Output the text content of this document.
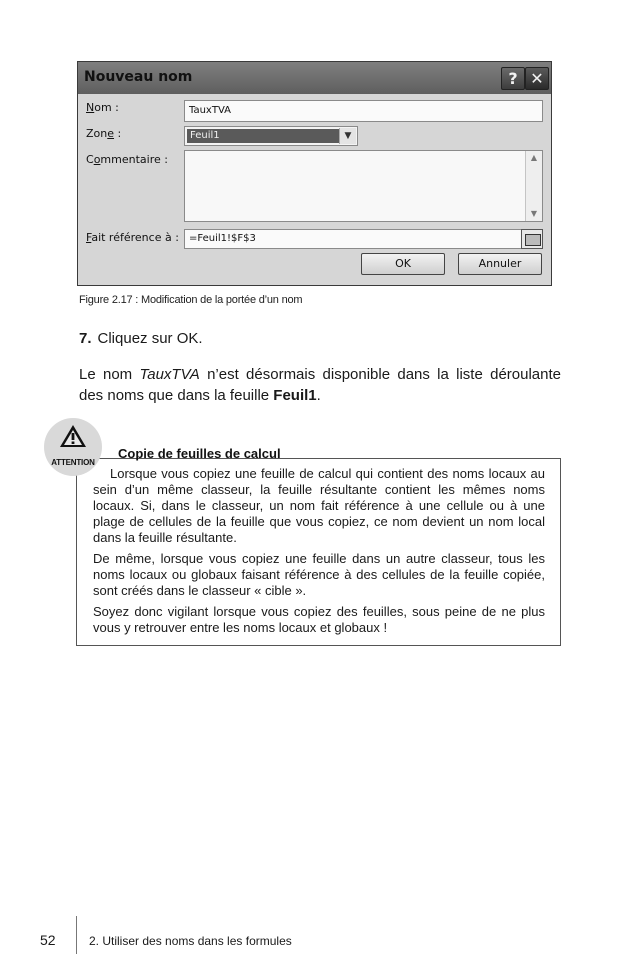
Nouveau nom	? ✕
Nom :	TauxTVA
Zone :	Feuil1	▼
Commentaire :	▲
▼
Fait référence à :	=Feuil1!$F$3
OK	Annuler
Figure 2.17 : Modification de la portée d’un nom
7. Cliquez sur OK.
Le nom TauxTVA n’est désormais disponible dans la liste déroulante des noms que dans la feuille Feuil1.
ATTENTION
Copie de feuilles de calcul

Lorsque vous copiez une feuille de calcul qui contient des noms locaux au sein d’un même classeur, la feuille résultante contient les mêmes noms locaux. Si, dans le classeur, un nom fait référence à une cellule ou à une plage de cellules de la feuille que vous copiez, ce nom devient un nom local dans la feuille résultante.

De même, lorsque vous copiez une feuille dans un autre classeur, tous les noms locaux ou globaux faisant référence à des cellules de la feuille copiée, sont créés dans le classeur « cible ».

Soyez donc vigilant lorsque vous copiez des feuilles, sous peine de ne plus vous y retrouver entre les noms locaux et globaux !

52	2. Utiliser des noms dans les formules
